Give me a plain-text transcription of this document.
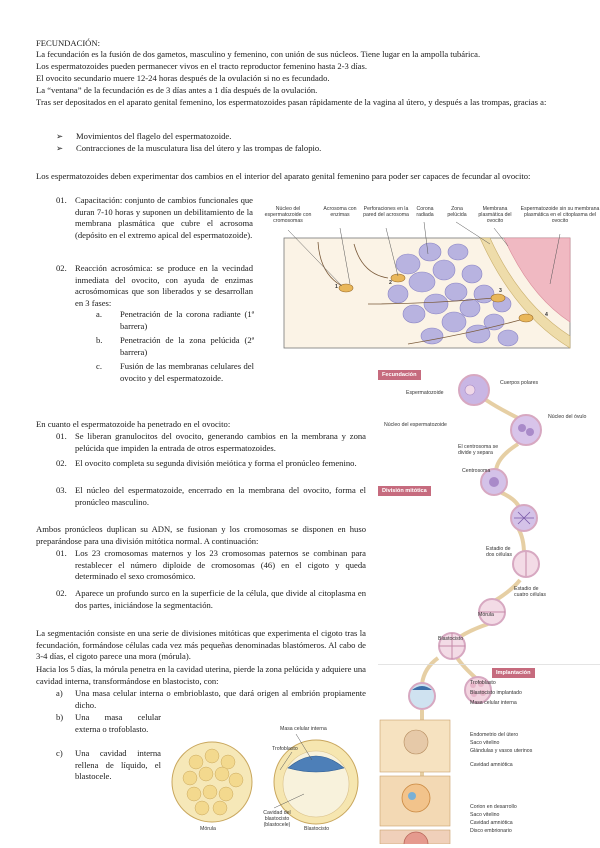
FECUNDACIÓN:
La fecundación es la fusión de dos gametos, masculino y femenino, con unión de sus núcleos. Tiene lugar en la ampolla tubárica.
Los espermatozoides pueden permanecer vivos en el tracto reproductor femenino hasta 2-3 días.
El ovocito secundario muere 12-24 horas después de la ovulación si no es fecundado.
La “ventana” de la fecundación es de 3 días antes a 1 día después de la ovulación.
Tras ser depositados en el aparato genital femenino, los espermatozoides pasan rápidamente de la vagina al útero, y después a las trompas, gracias a:
➢ Movimientos del flagelo del espermatozoide.
➢ Contracciones de la musculatura lisa del útero y las trompas de falopio.
Los espermatozoides deben experimentar dos cambios en el interior del aparato genital femenino para poder ser capaces de fecundar al ovocito:
01. Capacitación: conjunto de cambios funcionales que duran 7-10 horas y suponen un debilitamiento de la membrana plasmática que cubre el acrosoma (depósito en el extremo apical del espermatozoide).
02. Reacción acrosómica: se produce en la vecindad inmediata del ovocito, con ayuda de enzimas acrosómomicas que son liberados y se desarrollan en 3 fases:
a. Penetración de la corona radiante (1ª barrera)
b. Penetración de la zona pelúcida (2ª barrera)
c. Fusión de las membranas celulares del ovocito y del espermatozoide.
En cuanto el espermatozoide ha penetrado en el ovocito:
01. Se liberan granulocitos del ovocito, generando cambios en la membrana y zona pelúcida que impiden la entrada de otros espermatozoides.
02. El ovocito completa su segunda división meiótica y forma el pronúcleo femenino.
03. El núcleo del espermatozoide, encerrado en la membrana del ovocito, forma el pronúcleo masculino.
Ambos pronúcleos duplican su ADN, se fusionan y los cromosomas se disponen en huso preparándose para una división mitótica normal. A continuación:
01. Los 23 cromosomas maternos y los 23 cromosomas paternos se combinan para restablecer el número diploide de cromosomas (46) en el cigoto y queda determinado el sexo cromosómico.
02. Aparece un profundo surco en la superficie de la célula, que divide al citoplasma en dos partes, iniciándose la segmentación.
La segmentación consiste en una serie de divisiones mitóticas que experimenta el cigoto tras la fecundación, formándose células cada vez más pequeñas denominadas blastómeros. Al cabo de 3-4 días, el cigoto parece una mora (mórula).
Hacia los 5 días, la mórula penetra en la cavidad uterina, pierde la zona pelúcida y adquiere una cavidad interna, transformándose en blastocisto, con:
a) Una masa celular interna o embrioblasto, que dará origen al embrión propiamente dicho.
b) Una masa celular externa o trofoblasto.
c) Una cavidad interna rellena de líquido, el blastocele.
Núcleo del espermatozoide con cromosomas
Acrosoma con enzimas
Perforaciones en la pared del acrosoma
Corona radiada
Zona pelúcida
Membrana plasmática del ovocito
Espermatozoide sin su membrana plasmática en el citoplasma del ovocito
1
2
3
4
Fecundación
División mitótica
Implantación
Cuerpos polares
Espermatozoide
Núcleo del espermatozoide
Núcleo del óvulo
El centrosoma se divide y separa
Centrosoma
Estadio de dos células
Estadio de cuatro células
Mórula
Blastocisto
Trofoblasto
Blastocisto implantado
Masa celular interna
Endometrio del útero
Saco vitelino
Glándulas y vasos uterinos
Cavidad amniótica
Corion en desarrollo
Saco vitelino
Cavidad amniótica
Disco embrionario
Masa celular interna
Trofoblasto
Cavidad del blastocisto (blastocele)
Mórula	Blastocisto
